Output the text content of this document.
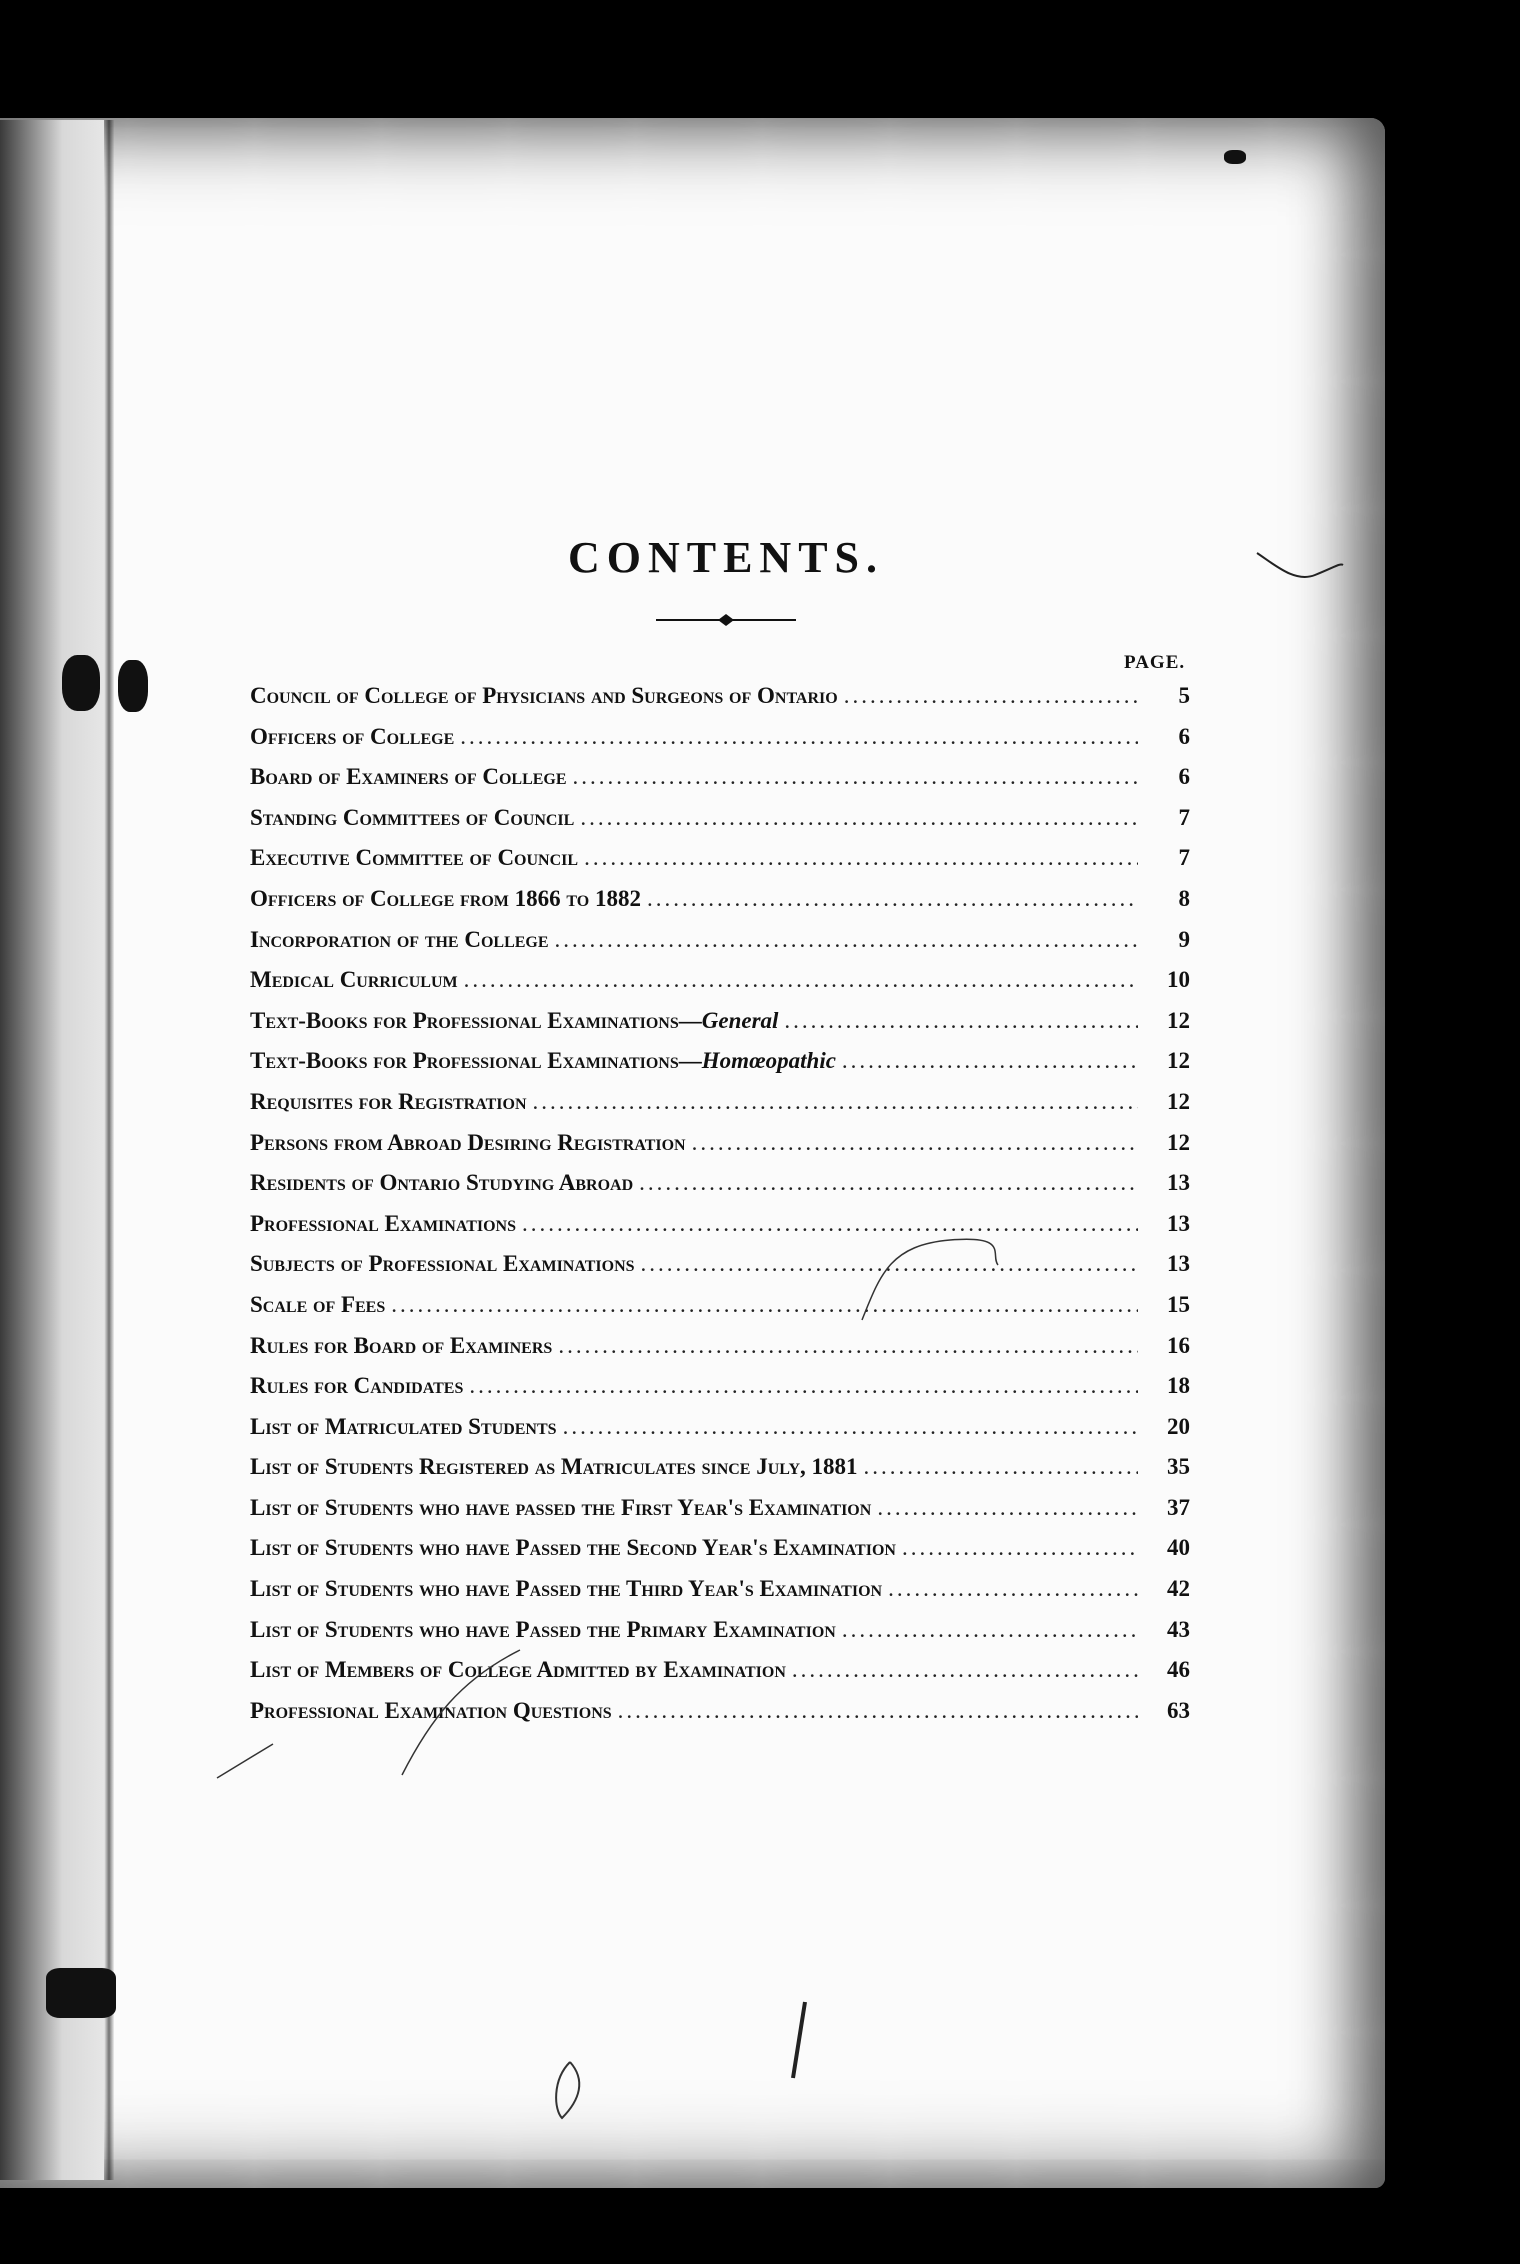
CONTENTS.
PAGE.
Council of College of Physicians and Surgeons of Ontario .....	5
Officers of College .....	6
Board of Examiners of College .....	6
Standing Committees of Council .....	7
Executive Committee of Council .....	7
Officers of College from 1866 to 1882 .....	8
Incorporation of the College .....	9
Medical Curriculum .....	10
Text-Books for Professional Examinations—General .....	12
Text-Books for Professional Examinations—Homœopathic .....	12
Requisites for Registration .....	12
Persons from Abroad Desiring Registration .....	12
Residents of Ontario Studying Abroad .....	13
Professional Examinations .....	13
Subjects of Professional Examinations .....	13
Scale of Fees .....	15
Rules for Board of Examiners .....	16
Rules for Candidates .....	18
List of Matriculated Students .....	20
List of Students Registered as Matriculates since July, 1881 .....	35
List of Students who have passed the First Year's Examination .....	37
List of Students who have Passed the Second Year's Examination .....	40
List of Students who have Passed the Third Year's Examination .....	42
List of Students who have Passed the Primary Examination .....	43
List of Members of College Admitted by Examination .....	46
Professional Examination Questions .....	63
